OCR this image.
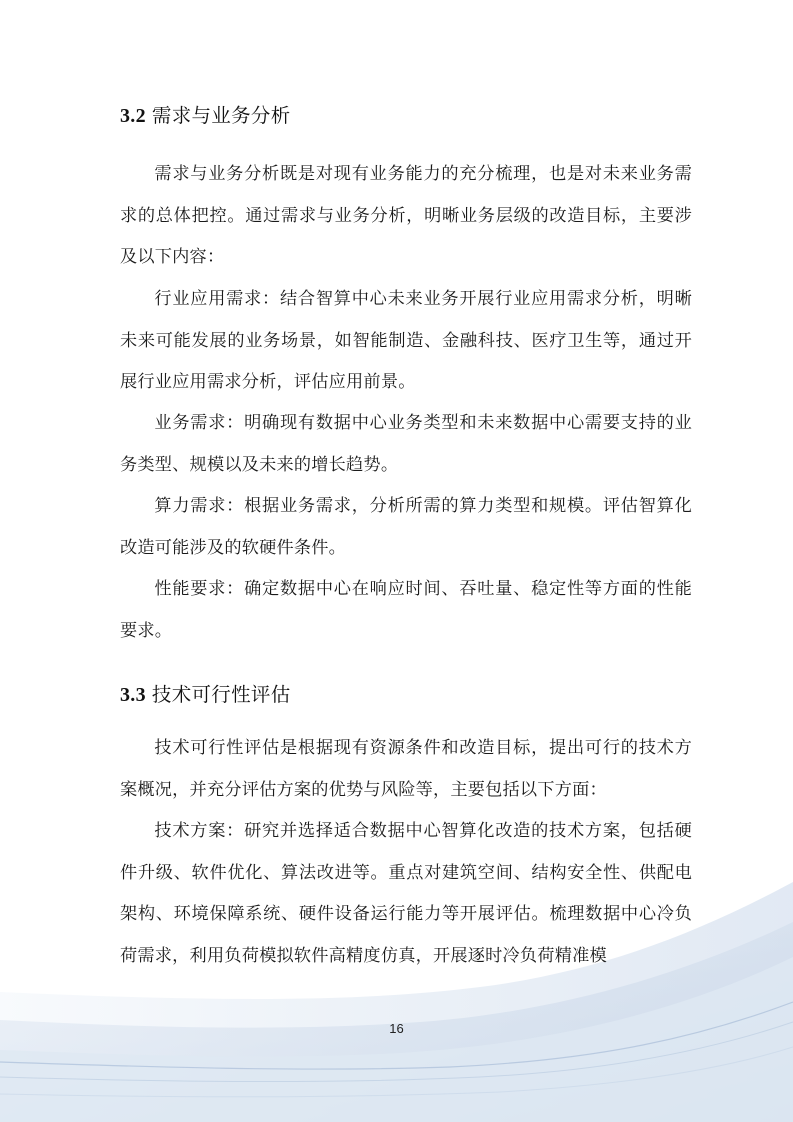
3.2 需求与业务分析

需求与业务分析既是对现有业务能力的充分梳理，也是对未来业务需求的总体把控。通过需求与业务分析，明晰业务层级的改造目标，主要涉及以下内容：

行业应用需求：结合智算中心未来业务开展行业应用需求分析，明晰未来可能发展的业务场景，如智能制造、金融科技、医疗卫生等，通过开展行业应用需求分析，评估应用前景。

业务需求：明确现有数据中心业务类型和未来数据中心需要支持的业务类型、规模以及未来的增长趋势。

算力需求：根据业务需求，分析所需的算力类型和规模。评估智算化改造可能涉及的软硬件条件。

性能要求：确定数据中心在响应时间、吞吐量、稳定性等方面的性能要求。

3.3 技术可行性评估

技术可行性评估是根据现有资源条件和改造目标，提出可行的技术方案概况，并充分评估方案的优势与风险等，主要包括以下方面：

技术方案：研究并选择适合数据中心智算化改造的技术方案，包括硬件升级、软件优化、算法改进等。重点对建筑空间、结构安全性、供配电架构、环境保障系统、硬件设备运行能力等开展评估。梳理数据中心冷负荷需求，利用负荷模拟软件高精度仿真，开展逐时冷负荷精准模

16
